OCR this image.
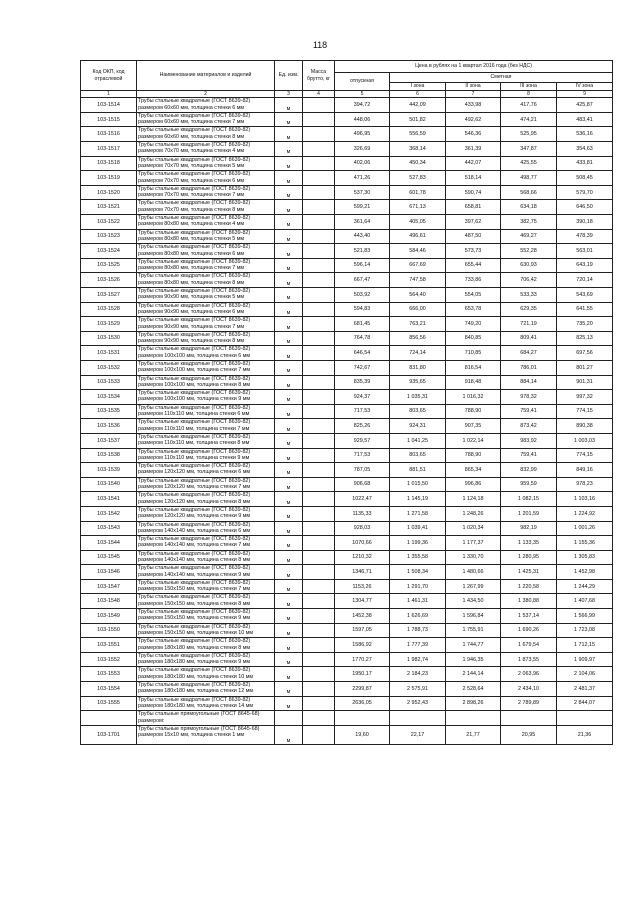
118
Код ОКП, код отраслевой	Наименование материалов и изделий	Ед. изм.	Масса брутто, кг	Цена в рублях на 1 квартал 2016 года (без НДС)				
				отпускная	Сметная			
					I зона	II зона	III зона	IV зона
1	2	3	4	5	6	7	8	9
103-1514	Трубы стальные квадратные (ГОСТ 8639-82)
размером 60х60 мм, толщина стенки 6 мм	м		394,72	442,09	433,98	417,76	425,87
103-1515	Трубы стальные квадратные (ГОСТ 8639-82)
размером 60х60 мм, толщина стенки 7 мм	м		448,06	501,82	492,62	474,21	483,41
103-1516	Трубы стальные квадратные (ГОСТ 8639-82)
размером 60х60 мм, толщина стенки 8 мм	м		496,95	556,59	546,36	525,95	536,16
103-1517	Трубы стальные квадратные (ГОСТ 8639-82)
размером 70х70 мм, толщина стенки 4 мм	м		326,69	368,14	361,39	347,87	354,63
103-1518	Трубы стальные квадратные (ГОСТ 8639-82)
размером 70х70 мм, толщина стенки 5 мм	м		402,06	450,34	442,07	425,55	433,81
103-1519	Трубы стальные квадратные (ГОСТ 8639-82)
размером 70х70 мм, толщина стенки 6 мм	м		471,26	527,83	518,14	498,77	508,45
103-1520	Трубы стальные квадратные (ГОСТ 8639-82)
размером 70х70 мм, толщина стенки 7 мм	м		537,30	601,78	590,74	568,66	579,70
103-1521	Трубы стальные квадратные (ГОСТ 8639-82)
размером 70х70 мм, толщина стенки 8 мм	м		599,21	671,13	658,81	634,18	646,50
103-1522	Трубы стальные квадратные (ГОСТ 8639-82)
размером 80х80 мм, толщина стенки 4 мм	м		361,64	405,05	397,62	382,75	390,18
103-1523	Трубы стальные квадратные (ГОСТ 8639-82)
размером 80х80 мм, толщина стенки 5 мм	м		443,40	496,61	487,50	469,27	478,39
103-1524	Трубы стальные квадратные (ГОСТ 8639-82)
размером 80х80 мм, толщина стенки 6 мм	м		521,83	584,46	573,73	552,28	563,01
103-1525	Трубы стальные квадратные (ГОСТ 8639-82)
размером 80х80 мм, толщина стенки 7 мм	м		596,14	667,69	655,44	630,93	643,19
103-1526	Трубы стальные квадратные (ГОСТ 8639-82)
размером 80х80 мм, толщина стенки 8 мм	м		667,47	747,58	733,86	706,42	720,14
103-1527	Трубы стальные квадратные (ГОСТ 8639-82)
размером 90х90 мм, толщина стенки 5 мм	м		503,92	564,40	554,05	533,33	543,69
103-1528	Трубы стальные квадратные (ГОСТ 8639-82)
размером 90х90 мм, толщина стенки 6 мм	м		594,83	666,00	653,78	629,35	641,55
103-1529	Трубы стальные квадратные (ГОСТ 8639-82)
размером 90х90 мм, толщина стенки 7 мм	м		681,45	763,21	749,20	721,19	735,20
103-1530	Трубы стальные квадратные (ГОСТ 8639-82)
размером 90х90 мм, толщина стенки 8 мм	м		764,78	856,56	840,85	809,41	825,13
103-1531	Трубы стальные квадратные (ГОСТ 8639-82)
размером 100х100 мм, толщина стенки 6 мм	м		646,54	724,14	710,85	684,27	697,56
103-1532	Трубы стальные квадратные (ГОСТ 8639-82)
размером 100х100 мм, толщина стенки 7 мм	м		742,67	831,80	816,54	786,01	801,27
103-1533	Трубы стальные квадратные (ГОСТ 8639-82)
размером 100х100 мм, толщина стенки 8 мм	м		835,39	935,65	918,48	884,14	901,31
103-1534	Трубы стальные квадратные (ГОСТ 8639-82)
размером 100х100 мм, толщина стенки 9 мм	м		924,37	1 035,31	1 016,32	978,32	997,32
103-1535	Трубы стальные квадратные (ГОСТ 8639-82)
размером 110х110 мм, толщина стенки 6 мм	м		717,53	803,65	788,90	759,41	774,15
103-1536	Трубы стальные квадратные (ГОСТ 8639-82)
размером 110х110 мм, толщина стенки 7 мм	м		825,26	924,31	907,35	873,42	890,38
103-1537	Трубы стальные квадратные (ГОСТ 8639-82)
размером 110х110 мм, толщина стенки 8 мм	м		929,57	1 041,25	1 022,14	983,92	1 003,03
103-1538	Трубы стальные квадратные (ГОСТ 8639-82)
размером 110х110 мм, толщина стенки 9 мм	м		717,53	803,65	788,90	759,41	774,15
103-1539	Трубы стальные квадратные (ГОСТ 8639-82)
размером 120х120 мм, толщина стенки 6 мм	м		787,05	881,51	865,34	832,99	849,16
103-1540	Трубы стальные квадратные (ГОСТ 8639-82)
размером 120х120 мм, толщина стенки 7 мм	м		906,68	1 015,50	996,86	959,59	978,23
103-1541	Трубы стальные квадратные (ГОСТ 8639-82)
размером 120х120 мм, толщина стенки 8 мм	м		1022,47	1 145,19	1 124,18	1 082,15	1 103,16
103-1542	Трубы стальные квадратные (ГОСТ 8639-82)
размером 120х120 мм, толщина стенки 9 мм	м		1135,33	1 271,58	1 248,26	1 201,59	1 224,92
103-1543	Трубы стальные квадратные (ГОСТ 8639-82)
размером 140х140 мм, толщина стенки 6 мм	м		928,03	1 039,41	1 020,34	982,19	1 001,26
103-1544	Трубы стальные квадратные (ГОСТ 8639-82)
размером 140х140 мм, толщина стенки 7 мм	м		1070,66	1 199,36	1 177,37	1 133,35	1 155,36
103-1545	Трубы стальные квадратные (ГОСТ 8639-82)
размером 140х140 мм, толщина стенки 8 мм	м		1210,32	1 355,58	1 330,70	1 280,95	1 305,83
103-1546	Трубы стальные квадратные (ГОСТ 8639-82)
размером 140х140 мм, толщина стенки 9 мм	м		1346,71	1 508,34	1 480,66	1 425,31	1 452,98
103-1547	Трубы стальные квадратные (ГОСТ 8639-82)
размером 150х150 мм, толщина стенки 7 мм	м		1153,26	1 291,70	1 267,99	1 220,58	1 244,29
103-1548	Трубы стальные квадратные (ГОСТ 8639-82)
размером 150х150 мм, толщина стенки 8 мм	м		1304,77	1 461,31	1 434,50	1 380,88	1 407,68
103-1549	Трубы стальные квадратные (ГОСТ 8639-82)
размером 150х150 мм, толщина стенки 9 мм	м		1452,38	1 626,69	1 596,84	1 537,14	1 566,99
103-1550	Трубы стальные квадратные (ГОСТ 8639-82)
размером 150х150 мм, толщина стенки 10 мм	м		1597,05	1 788,73	1 755,91	1 690,26	1 723,08
103-1551	Трубы стальные квадратные (ГОСТ 8639-82)
размером 180х180 мм, толщина стенки 8 мм	м		1586,92	1 777,39	1 744,77	1 679,54	1 712,15
103-1552	Трубы стальные квадратные (ГОСТ 8639-82)
размером 180х180 мм, толщина стенки 9 мм	м		1770,27	1 982,74	1 946,35	1 873,55	1 909,97
103-1553	Трубы стальные квадратные (ГОСТ 8639-82)
размером 180х180 мм, толщина стенки 10 мм	м		1950,17	2 184,23	2 144,14	2 063,96	2 104,06
103-1554	Трубы стальные квадратные (ГОСТ 8639-82)
размером 180х180 мм, толщина стенки 12 мм	м		2299,87	2 575,91	2 528,64	2 434,10	2 481,37
103-1555	Трубы стальные квадратные (ГОСТ 8639-82)
размером 180х180 мм, толщина стенки 14 мм	м		2636,05	2 952,43	2 898,26	2 789,89	2 844,07

	Трубы стальные прямоугольные (ГОСТ 8645-68)
размером:							

103-1701	Трубы стальные прямоугольные (ГОСТ 8645-68)
размером 15х10 мм, толщина стенки 1 мм	м		19,60	22,17	21,77	20,95	21,36
